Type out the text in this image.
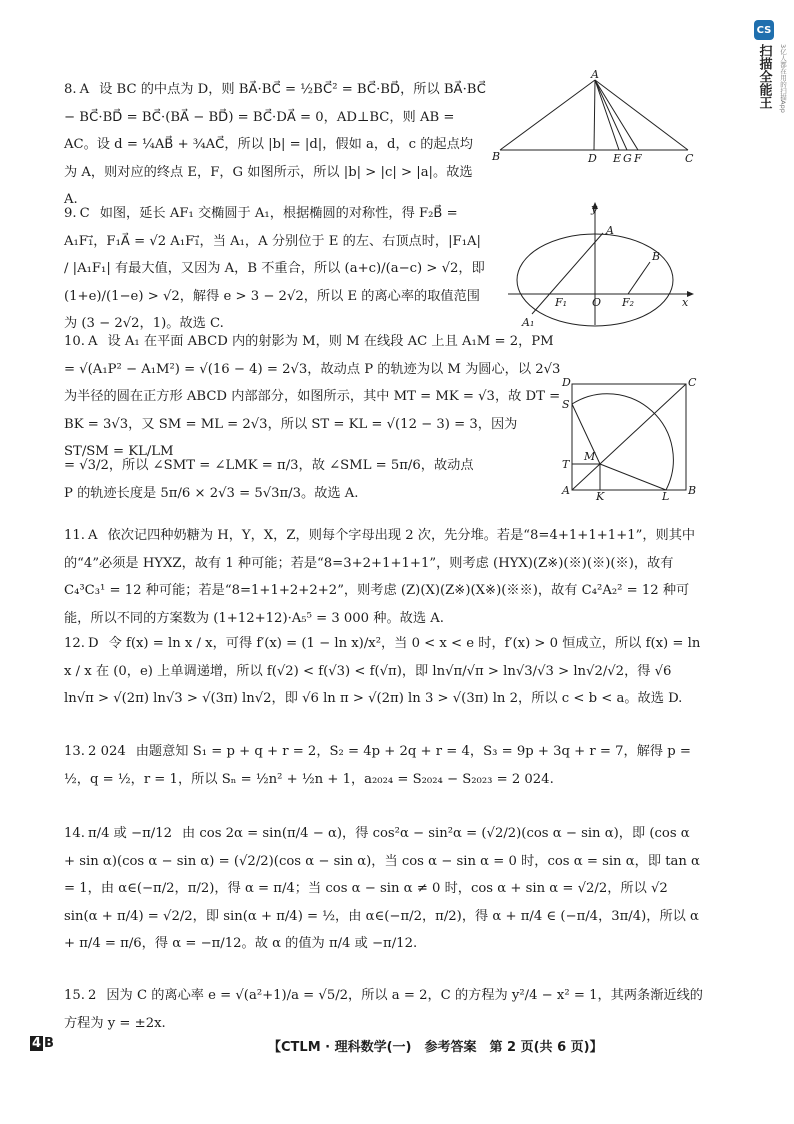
CS
扫描全能王	3亿人都在用的扫描App
8. A 设 BC 的中点为 D，则 BA⃗·BC⃗ = ½BC⃗² = BC⃗·BD⃗，所以 BA⃗·BC⃗ − BC⃗·BD⃗ = BC⃗·(BA⃗ − BD⃗) = BC⃗·DA⃗ = 0，AD⊥BC，则 AB = AC。设 d = ¼AB⃗ + ¾AC⃗，所以 |b| = |d|，假如 a，d，c 的起点均为 A，则对应的终点 E，F，G 如图所示，所以 |b| > |c| > |a|。故选 A.
A
B	D E G F	C
9. C 如图，延长 AF₁ 交椭圆于 A₁，根据椭圆的对称性，得 F₂B⃗ = A₁F₁⃗，F₁A⃗ = √2 A₁F₁⃗，当 A₁，A 分别位于 E 的左、右顶点时，|F₁A| / |A₁F₁| 有最大值，又因为 A，B 不重合，所以 (a+c)/(a−c) > √2，即 (1+e)/(1−e) > √2，解得 e > 3 − 2√2，所以 E 的离心率的取值范围为 (3 − 2√2，1)。故选 C.
y
A
B
F₁ O F₂	x
A₁
10. A 设 A₁ 在平面 ABCD 内的射影为 M，则 M 在线段 AC 上且 A₁M = 2，PM = √(A₁P² − A₁M²) = √(16 − 4) = 2√3，故动点 P 的轨迹为以 M 为圆心，以 2√3 为半径的圆在正方形 ABCD 内部部分，如图所示，其中 MT = MK = √3，故 DT = BK = 3√3，又 SM = ML = 2√3，所以 ST = KL = √(12 − 3) = 3，因为 ST/SM = KL/LM
= √3/2，所以 ∠SMT = ∠LMK = π/3，故 ∠SML = 5π/6，故动点 P 的轨迹长度是 5π/6 × 2√3 = 5√3π/3。故选 A.
D	C
S
T
M
A K	L B
11. A 依次记四种奶糖为 H，Y，X，Z，则每个字母出现 2 次，先分堆。若是“8=4+1+1+1+1”，则其中的“4”必须是 HYXZ，故有 1 种可能；若是“8=3+2+1+1+1”，则考虑 (HYX)(Z※)(※)(※)(※)，故有 C₄³C₃¹ = 12 种可能；若是“8=1+1+2+2+2”，则考虑 (Z)(X)(Z※)(X※)(※※)，故有 C₄²A₂² = 12 种可能，所以不同的方案数为 (1+12+12)·A₅⁵ = 3 000 种。故选 A.
12. D 令 f(x) = ln x / x，可得 f′(x) = (1 − ln x)/x²，当 0 < x < e 时，f′(x) > 0 恒成立，所以 f(x) = ln x / x 在 (0，e) 上单调递增，所以 f(√2) < f(√3) < f(√π)，即 ln√π/√π > ln√3/√3 > ln√2/√2，得 √6 ln√π > √(2π) ln√3 > √(3π) ln√2，即 √6 ln π > √(2π) ln 3 > √(3π) ln 2，所以 c < b < a。故选 D.
13. 2 024 由题意知 S₁ = p + q + r = 2，S₂ = 4p + 2q + r = 4，S₃ = 9p + 3q + r = 7，解得 p = ½，q = ½，r = 1，所以 Sₙ = ½n² + ½n + 1，a₂₀₂₄ = S₂₀₂₄ − S₂₀₂₃ = 2 024.
14. π/4 或 −π/12 由 cos 2α = sin(π/4 − α)，得 cos²α − sin²α = (√2/2)(cos α − sin α)，即 (cos α + sin α)(cos α − sin α) = (√2/2)(cos α − sin α)，当 cos α − sin α = 0 时，cos α = sin α，即 tan α = 1，由 α∈(−π/2，π/2)，得 α = π/4；当 cos α − sin α ≠ 0 时，cos α + sin α = √2/2，所以 √2 sin(α + π/4) = √2/2，即 sin(α + π/4) = ½，由 α∈(−π/2，π/2)，得 α + π/4 ∈ (−π/4，3π/4)，所以 α + π/4 = π/6，得 α = −π/12。故 α 的值为 π/4 或 −π/12.
15. 2 因为 C 的离心率 e = √(a²+1)/a = √5/2，所以 a = 2，C 的方程为 y²/4 − x² = 1，其两条渐近线的方程为 y = ±2x.
4 B	【CTLM · 理科数学(一)　参考答案　第 2 页(共 6 页)】
